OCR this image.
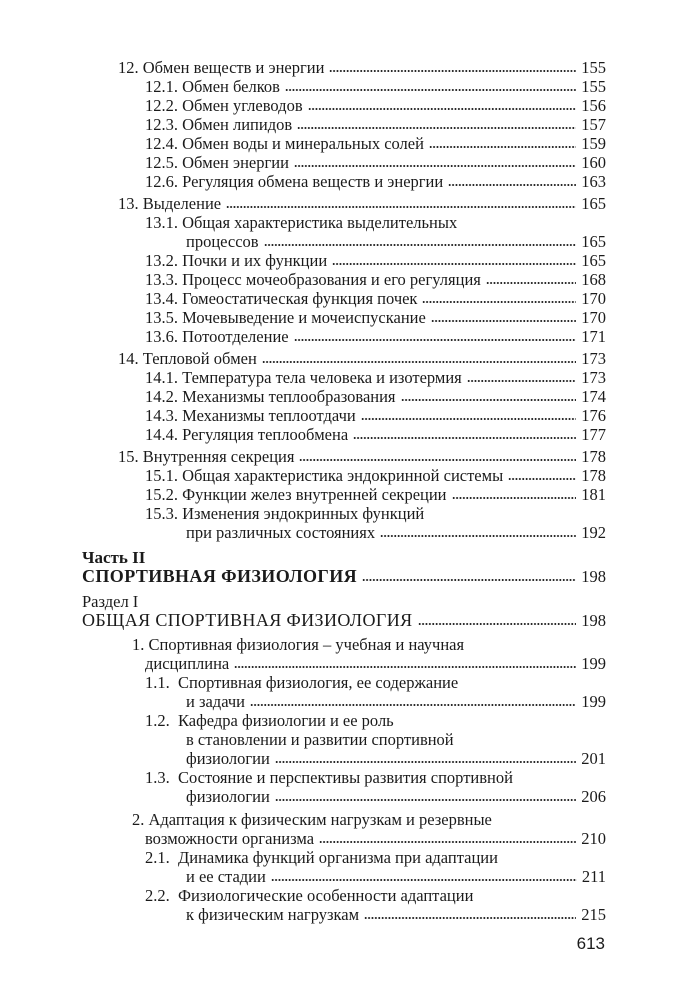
12. Обмен веществ и энергии	155
12.1. Обмен белков	155
12.2. Обмен углеводов	156
12.3. Обмен липидов	157
12.4. Обмен воды и минеральных солей	159
12.5. Обмен энергии	160
12.6. Регуляция обмена веществ и энергии	163
13. Выделение	165
13.1. Общая характеристика выделительных
процессов	165
13.2. Почки и их функции	165
13.3. Процесс мочеобразования и его регуляция	168
13.4. Гомеостатическая функция почек	170
13.5. Мочевыведение и мочеиспускание	170
13.6. Потоотделение	171
14. Тепловой обмен	173
14.1. Температура тела человека и изотермия	173
14.2. Механизмы теплообразования	174
14.3. Механизмы теплоотдачи	176
14.4. Регуляция теплообмена	177
15. Внутренняя секреция	178
15.1. Общая характеристика эндокринной системы	178
15.2. Функции желез внутренней секреции	181
15.3. Изменения эндокринных функций
при различных состояниях	192
Часть II
СПОРТИВНАЯ ФИЗИОЛОГИЯ	198
Раздел I
ОБЩАЯ СПОРТИВНАЯ ФИЗИОЛОГИЯ	198
1. Спортивная физиология – учебная и научная
дисциплина	199
1.1. Спортивная физиология, ее содержание
и задачи	199
1.2. Кафедра физиологии и ее роль
в становлении и развитии спортивной
физиологии	201
1.3. Состояние и перспективы развития спортивной
физиологии	206
2. Адаптация к физическим нагрузкам и резервные
возможности организма	210
2.1. Динамика функций организма при адаптации
и ее стадии	211
2.2. Физиологические особенности адаптации
к физическим нагрузкам	215
613
